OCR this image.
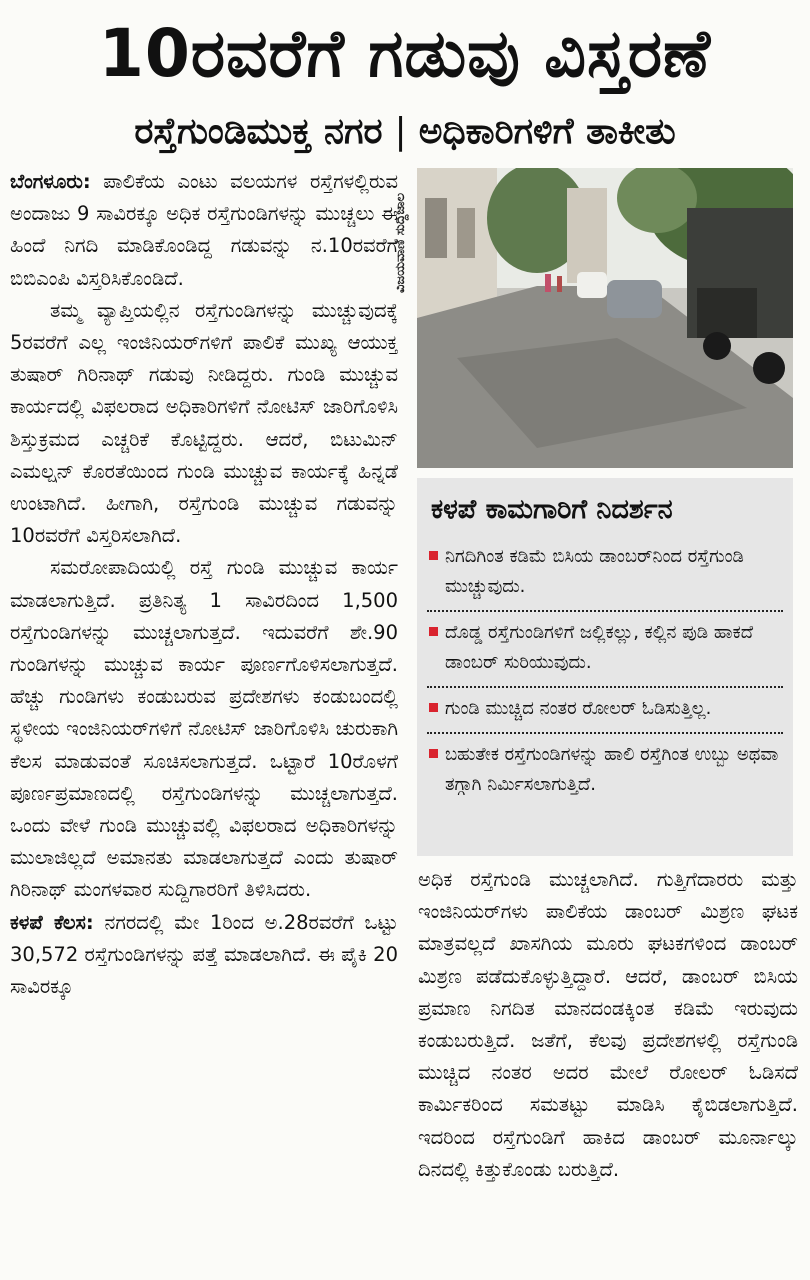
10ರವರೆಗೆ ಗಡುವು ವಿಸ್ತರಣೆ
ರಸ್ತೆಗುಂಡಿಮುಕ್ತ ನಗರ | ಅಧಿಕಾರಿಗಳಿಗೆ ತಾಕೀತು

ಬೆಂಗಳೂರು: ಪಾಲಿಕೆಯ ಎಂಟು ವಲಯಗಳ ರಸ್ತೆಗಳಲ್ಲಿರುವ ಅಂದಾಜು 9 ಸಾವಿರಕ್ಕೂ ಅಧಿಕ ರಸ್ತೆಗುಂಡಿಗಳನ್ನು ಮುಚ್ಚಲು ಈ ಹಿಂದೆ ನಿಗದಿ ಮಾಡಿಕೊಂಡಿದ್ದ ಗಡುವನ್ನು ನ.10ರವರೆಗೆ ಬಿಬಿಎಂಪಿ ವಿಸ್ತರಿಸಿಕೊಂಡಿದೆ.

ತಮ್ಮ ವ್ಯಾಪ್ತಿಯಲ್ಲಿನ ರಸ್ತೆಗುಂಡಿಗಳನ್ನು ಮುಚ್ಚುವುದಕ್ಕೆ 5ರವರೆಗೆ ಎಲ್ಲ ಇಂಜಿನಿಯರ್‌ಗಳಿಗೆ ಪಾಲಿಕೆ ಮುಖ್ಯ ಆಯುಕ್ತ ತುಷಾರ್ ಗಿರಿನಾಥ್ ಗಡುವು ನೀಡಿದ್ದರು. ಗುಂಡಿ ಮುಚ್ಚುವ ಕಾರ್ಯದಲ್ಲಿ ವಿಫಲರಾದ ಅಧಿಕಾರಿಗಳಿಗೆ ನೋಟಿಸ್ ಜಾರಿಗೊಳಿಸಿ ಶಿಸ್ತುಕ್ರಮದ ಎಚ್ಚರಿಕೆ ಕೊಟ್ಟಿದ್ದರು. ಆದರೆ, ಬಿಟುಮಿನ್ ಎಮಲ್ಷನ್ ಕೊರತೆಯಿಂದ ಗುಂಡಿ ಮುಚ್ಚುವ ಕಾರ್ಯಕ್ಕೆ ಹಿನ್ನಡೆ ಉಂಟಾಗಿದೆ. ಹೀಗಾಗಿ, ರಸ್ತೆಗುಂಡಿ ಮುಚ್ಚುವ ಗಡುವನ್ನು 10ರವರೆಗೆ ವಿಸ್ತರಿಸಲಾಗಿದೆ.

ಸಮರೋಪಾದಿಯಲ್ಲಿ ರಸ್ತೆ ಗುಂಡಿ ಮುಚ್ಚುವ ಕಾರ್ಯ ಮಾಡಲಾಗುತ್ತಿದೆ. ಪ್ರತಿನಿತ್ಯ 1 ಸಾವಿರದಿಂದ 1,500 ರಸ್ತೆಗುಂಡಿಗಳನ್ನು ಮುಚ್ಚಲಾಗುತ್ತದೆ. ಇದುವರೆಗೆ ಶೇ.90 ಗುಂಡಿಗಳನ್ನು ಮುಚ್ಚುವ ಕಾರ್ಯ ಪೂರ್ಣಗೊಳಿಸಲಾಗುತ್ತದೆ. ಹೆಚ್ಚು ಗುಂಡಿಗಳು ಕಂಡುಬರುವ ಪ್ರದೇಶಗಳು ಕಂಡುಬಂದಲ್ಲಿ ಸ್ಥಳೀಯ ಇಂಜಿನಿಯರ್‌ಗಳಿಗೆ ನೋಟಿಸ್ ಜಾರಿಗೊಳಿಸಿ ಚುರುಕಾಗಿ ಕೆಲಸ ಮಾಡುವಂತೆ ಸೂಚಿಸಲಾಗುತ್ತದೆ. ಒಟ್ಟಾರೆ 10ರೊಳಗೆ ಪೂರ್ಣಪ್ರಮಾಣದಲ್ಲಿ ರಸ್ತೆಗುಂಡಿಗಳನ್ನು ಮುಚ್ಚಲಾಗುತ್ತದೆ. ಒಂದು ವೇಳೆ ಗುಂಡಿ ಮುಚ್ಚುವಲ್ಲಿ ವಿಫಲರಾದ ಅಧಿಕಾರಿಗಳನ್ನು ಮುಲಾಜಿಲ್ಲದೆ ಅಮಾನತು ಮಾಡಲಾಗುತ್ತದೆ ಎಂದು ತುಷಾರ್ ಗಿರಿನಾಥ್ ಮಂಗಳವಾರ ಸುದ್ದಿಗಾರರಿಗೆ ತಿಳಿಸಿದರು.

ಕಳಪೆ ಕೆಲಸ: ನಗರದಲ್ಲಿ ಮೇ 1ರಿಂದ ಅ.28ರವರೆಗೆ ಒಟ್ಟು 30,572 ರಸ್ತೆಗುಂಡಿಗಳನ್ನು ಪತ್ತೆ ಮಾಡಲಾಗಿದೆ. ಈ ಪೈಕಿ 20 ಸಾವಿರಕ್ಕೂ

ವಿಜಯವಾಣಿ ಸುದ್ದಿಜಾಲ
ಕಳಪೆ ಕಾಮಗಾರಿಗೆ ನಿದರ್ಶನ
ನಿಗದಿಗಿಂತ ಕಡಿಮೆ ಬಿಸಿಯ ಡಾಂಬರ್‌ನಿಂದ ರಸ್ತೆಗುಂಡಿ ಮುಚ್ಚುವುದು.
ದೊಡ್ಡ ರಸ್ತೆಗುಂಡಿಗಳಿಗೆ ಜಲ್ಲಿಕಲ್ಲು, ಕಲ್ಲಿನ ಪುಡಿ ಹಾಕದೆ ಡಾಂಬರ್ ಸುರಿಯುವುದು.
ಗುಂಡಿ ಮುಚ್ಚಿದ ನಂತರ ರೋಲರ್ ಓಡಿಸುತ್ತಿಲ್ಲ.
ಬಹುತೇಕ ರಸ್ತೆಗುಂಡಿಗಳನ್ನು ಹಾಲಿ ರಸ್ತೆಗಿಂತ ಉಬ್ಬು ಅಥವಾ ತಗ್ಗಾಗಿ ನಿರ್ಮಿಸಲಾಗುತ್ತಿದೆ.

ಅಧಿಕ ರಸ್ತೆಗುಂಡಿ ಮುಚ್ಚಲಾಗಿದೆ. ಗುತ್ತಿಗೆದಾರರು ಮತ್ತು ಇಂಜಿನಿಯರ್‌ಗಳು ಪಾಲಿಕೆಯ ಡಾಂಬರ್ ಮಿಶ್ರಣ ಘಟಕ ಮಾತ್ರವಲ್ಲದೆ ಖಾಸಗಿಯ ಮೂರು ಘಟಕಗಳಿಂದ ಡಾಂಬರ್ ಮಿಶ್ರಣ ಪಡೆದುಕೊಳ್ಳುತ್ತಿದ್ದಾರೆ. ಆದರೆ, ಡಾಂಬರ್ ಬಿಸಿಯ ಪ್ರಮಾಣ ನಿಗದಿತ ಮಾನದಂಡಕ್ಕಿಂತ ಕಡಿಮೆ ಇರುವುದು ಕಂಡುಬರುತ್ತಿದೆ. ಜತೆಗೆ, ಕೆಲವು ಪ್ರದೇಶಗಳಲ್ಲಿ ರಸ್ತೆಗುಂಡಿ ಮುಚ್ಚಿದ ನಂತರ ಅದರ ಮೇಲೆ ರೋಲರ್ ಓಡಿಸದೆ ಕಾರ್ಮಿಕರಿಂದ ಸಮತಟ್ಟು ಮಾಡಿಸಿ ಕೈಬಿಡಲಾಗುತ್ತಿದೆ. ಇದರಿಂದ ರಸ್ತೆಗುಂಡಿಗೆ ಹಾಕಿದ ಡಾಂಬರ್ ಮೂರ್ನಾಲ್ಕು ದಿನದಲ್ಲಿ ಕಿತ್ತುಕೊಂಡು ಬರುತ್ತಿದೆ.
